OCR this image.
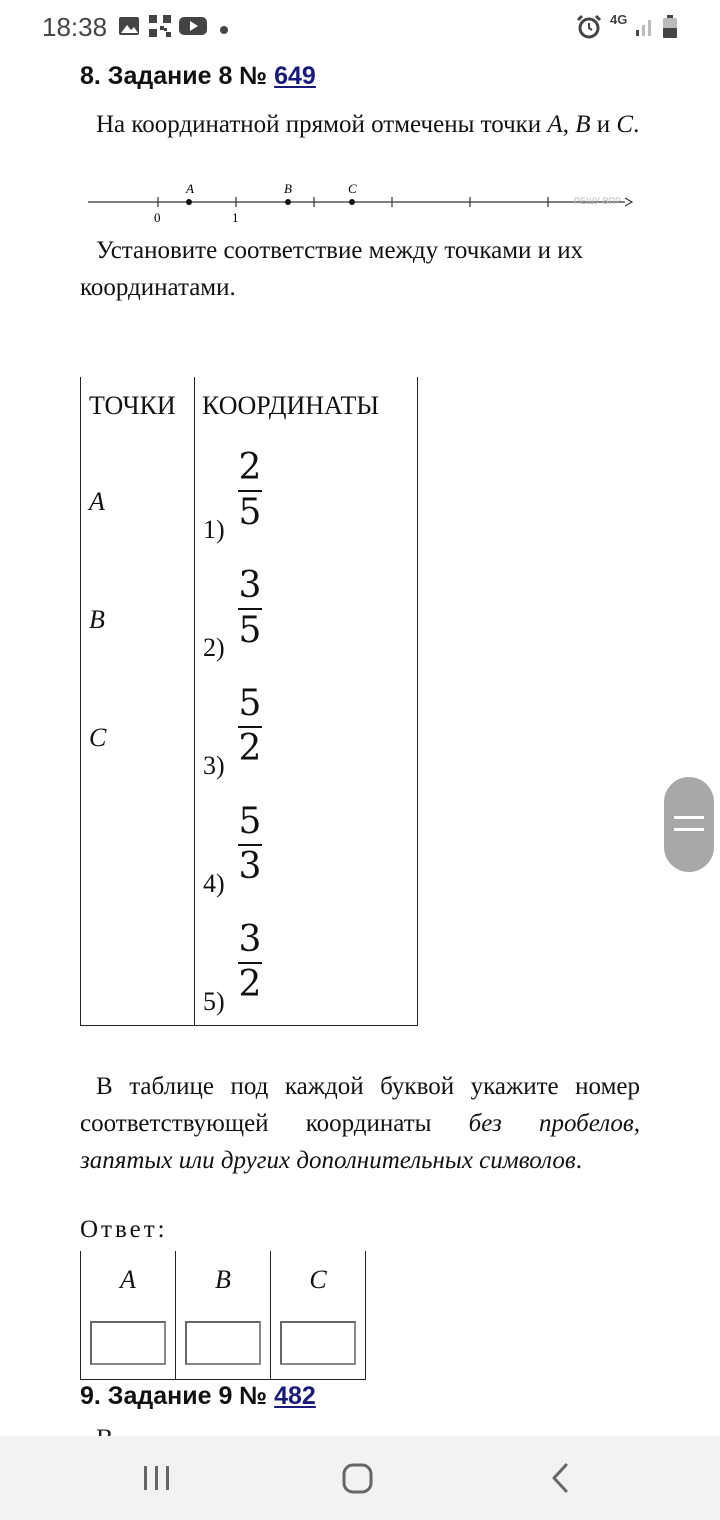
18:38	4G
8. Задание 8 № 649
На координатной прямой отмечены точки A, B и C.
A	B	C
0	1
РЕШУ ВПР
Установите соответствие между точками и их координатами.
ТОЧКИ	КООРДИНАТЫ

A	1)
2
5

B	2)
3
5

C	3)
5
2

	4)
5
3

	5)
3
2
В таблице под каждой буквой укажите номер соответствующей координаты без пробелов, запятых или других дополнительных символов.
Ответ:
A	B	C

9. Задание 9 № 482
